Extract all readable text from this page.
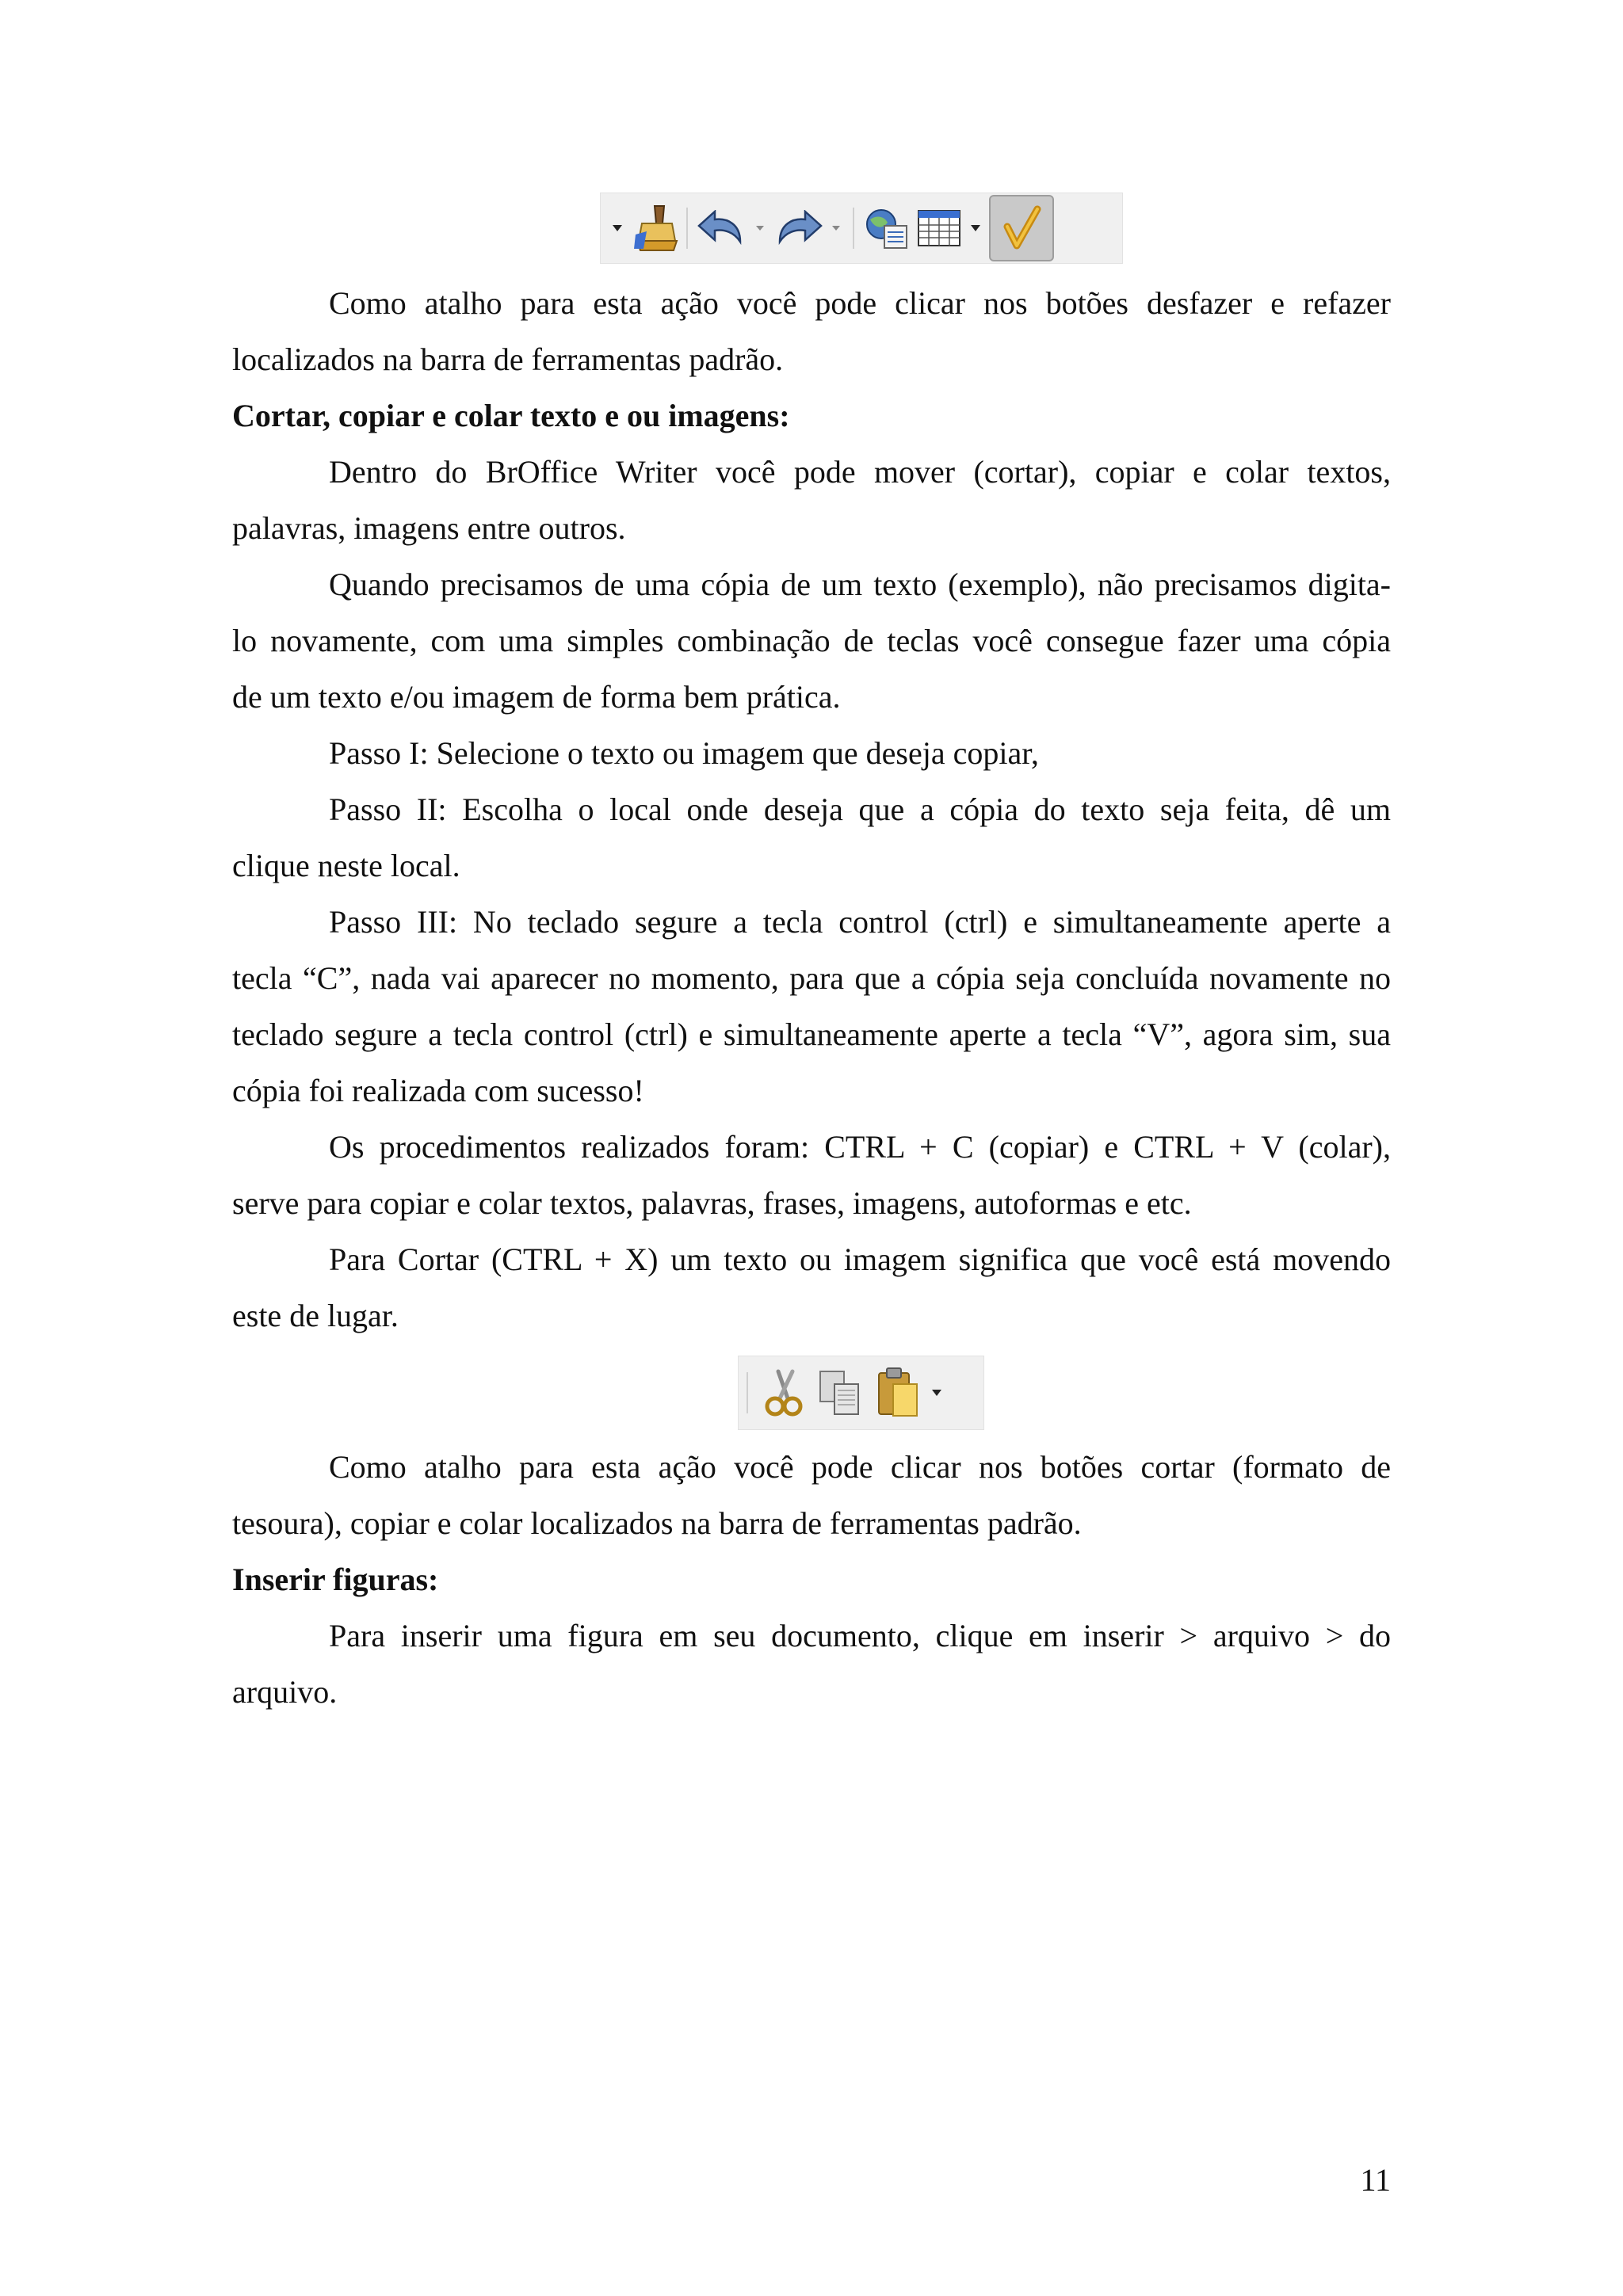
Como atalho para esta ação você pode clicar nos botões desfazer e refazer

localizados na barra de ferramentas padrão.

Cortar, copiar e colar texto e ou imagens:

Dentro do BrOffice Writer você pode mover (cortar), copiar e colar textos,

palavras, imagens entre outros.

Quando precisamos de uma cópia de um texto (exemplo), não precisamos digita-

lo novamente, com uma simples combinação de teclas você consegue fazer uma cópia

de um texto e/ou imagem de forma bem prática.

Passo I: Selecione o texto ou imagem que deseja copiar,

Passo II: Escolha o local onde deseja que a cópia do texto seja feita, dê um

clique neste local.

Passo III: No teclado segure a tecla control (ctrl) e simultaneamente aperte a

tecla “C”, nada vai aparecer no momento, para que a cópia seja concluída novamente no

teclado segure a tecla control (ctrl) e simultaneamente aperte a tecla “V”, agora sim, sua

cópia foi realizada com sucesso!

Os procedimentos realizados foram: CTRL + C (copiar) e CTRL + V (colar),

serve para copiar e colar textos, palavras, frases, imagens, autoformas e etc.

Para Cortar (CTRL + X) um texto ou imagem significa que você está movendo

este de lugar.

Como atalho para esta ação você pode clicar nos botões cortar (formato de

tesoura), copiar e colar localizados na barra de ferramentas padrão.

Inserir figuras:

Para inserir uma figura em seu documento, clique em inserir > arquivo > do

arquivo.

11
